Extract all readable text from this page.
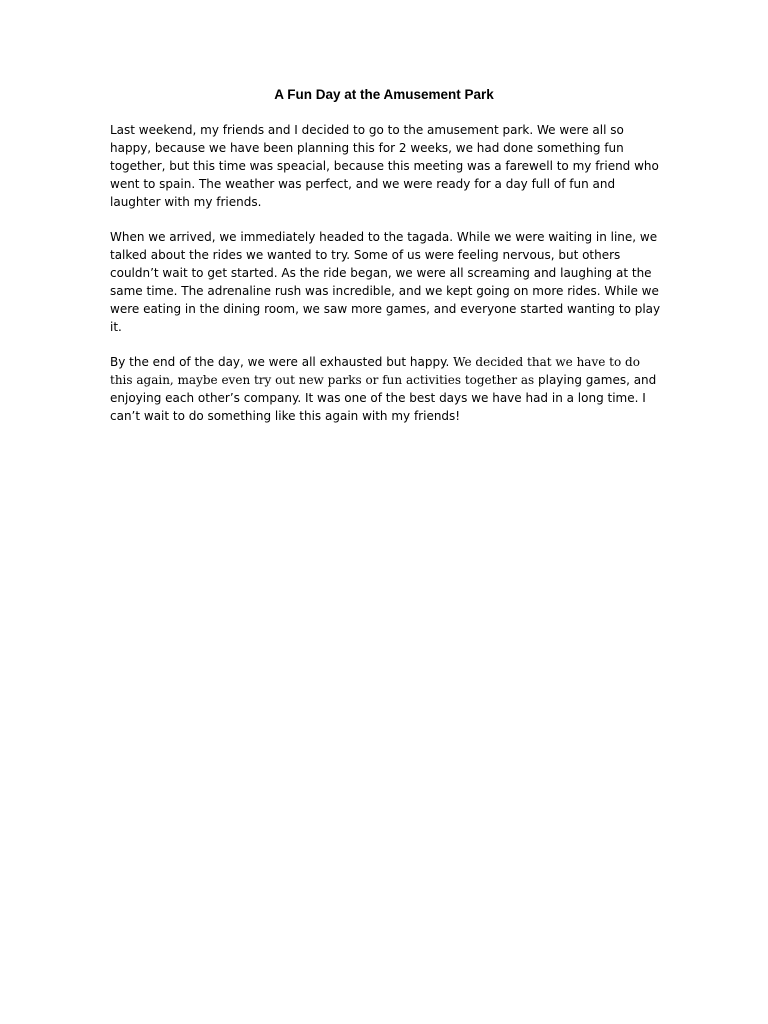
A Fun Day at the Amusement Park

Last weekend, my friends and I decided to go to the amusement park. We were all so happy, because we have been planning this for 2 weeks, we had done something fun together, but this time was speacial, because this meeting was a farewell to my friend who went to spain. The weather was perfect, and we were ready for a day full of fun and laughter with my friends.

When we arrived, we immediately headed to the tagada. While we were waiting in line, we talked about the rides we wanted to try. Some of us were feeling nervous, but others couldn’t wait to get started. As the ride began, we were all screaming and laughing at the same time. The adrenaline rush was incredible, and we kept going on more rides. While we were eating in the dining room, we saw more games, and everyone started wanting to play it.

By the end of the day, we were all exhausted but happy. We decided that we have to do this again, maybe even try out new parks or fun activities together as playing games, and enjoying each other’s company. It was one of the best days we have had in a long time. I can’t wait to do something like this again with my friends!
